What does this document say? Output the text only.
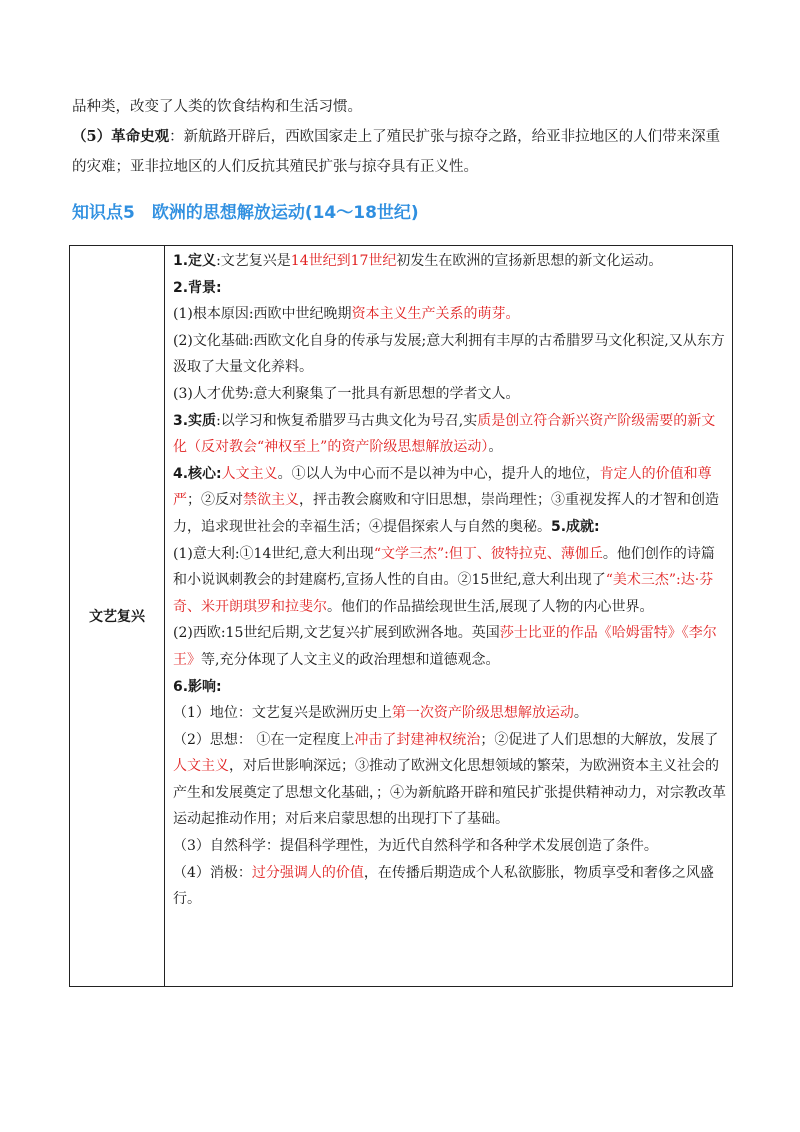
品种类，改变了人类的饮食结构和生活习惯。

（5）革命史观：新航路开辟后，西欧国家走上了殖民扩张与掠夺之路，给亚非拉地区的人们带来深重的灾难；亚非拉地区的人们反抗其殖民扩张与掠夺具有正义性。

知识点5　欧洲的思想解放运动(14～18世纪)
文艺复兴	

1.定义:文艺复兴是14世纪到17世纪初发生在欧洲的宣扬新思想的新文化运动。

2.背景:

(1)根本原因:西欧中世纪晚期资本主义生产关系的萌芽。

(2)文化基础:西欧文化自身的传承与发展;意大利拥有丰厚的古希腊罗马文化积淀,又从东方汲取了大量文化养料。

(3)人才优势:意大利聚集了一批具有新思想的学者文人。

3.实质:以学习和恢复希腊罗马古典文化为号召,实质是创立符合新兴资产阶级需要的新文化（反对教会“神权至上”的资产阶级思想解放运动）。

4.核心:人文主义。①以人为中心而不是以神为中心，提升人的地位，肯定人的价值和尊严；②反对禁欲主义，抨击教会腐败和守旧思想，崇尚理性；③重视发挥人的才智和创造力，追求现世社会的幸福生活；④提倡探索人与自然的奥秘。5.成就:

(1)意大利:①14世纪,意大利出现“文学三杰”:但丁、彼特拉克、薄伽丘。他们创作的诗篇和小说讽刺教会的封建腐朽,宣扬人性的自由。②15世纪,意大利出现了“美术三杰”:达·芬奇、米开朗琪罗和拉斐尔。他们的作品描绘现世生活,展现了人物的内心世界。

(2)西欧:15世纪后期,文艺复兴扩展到欧洲各地。英国莎士比亚的作品《哈姆雷特》《李尔王》等,充分体现了人文主义的政治理想和道德观念。

6.影响:

（1）地位：文艺复兴是欧洲历史上第一次资产阶级思想解放运动。

（2）思想： ①在一定程度上冲击了封建神权统治；②促进了人们思想的大解放，发展了人文主义，对后世影响深远；③推动了欧洲文化思想领域的繁荣，为欧洲资本主义社会的产生和发展奠定了思想文化基础，；④为新航路开辟和殖民扩张提供精神动力，对宗教改革运动起推动作用；对后来启蒙思想的出现打下了基础。

（3）自然科学：提倡科学理性，为近代自然科学和各种学术发展创造了条件。

（4）消极：过分强调人的价值，在传播后期造成个人私欲膨胀，物质享受和奢侈之风盛行。
